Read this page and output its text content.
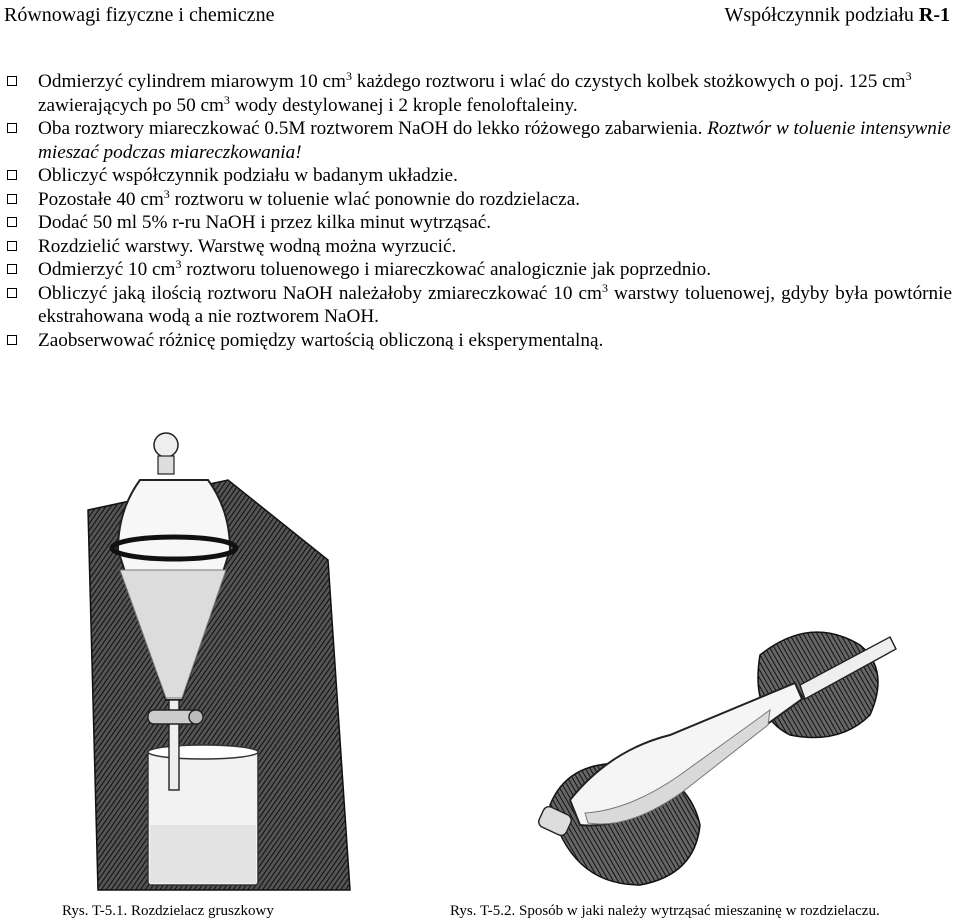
Równowagi fizyczne i chemiczne	Współczynnik podziału R-1
Odmierzyć cylindrem miarowym 10 $cm^3$ każdego roztworu i wlać do czystych kolbek stożkowych o poj. 125 $cm^3$ zawierających po 50 $cm^3$ wody destylowanej i 2 krople fenoloftaleiny.
Oba roztwory miareczkować 0.5M roztworem NaOH do lekko różowego zabarwienia. Roztwór w toluenie intensywnie mieszać podczas miareczkowania!
Obliczyć współczynnik podziału w badanym układzie.
Pozostałe 40 $cm^3$ roztworu w toluenie wlać ponownie do rozdzielacza.
Dodać 50 ml 5% r-ru NaOH i przez kilka minut wytrząsać.
Rozdzielić warstwy. Warstwę wodną można wyrzucić.
Odmierzyć 10 $cm^3$ roztworu toluenowego i miareczkować analogicznie jak poprzednio.
Obliczyć jaką ilością roztworu NaOH należałoby zmiareczkować 10 $cm^3$ warstwy toluenowej, gdyby była powtórnie ekstrahowana wodą a nie roztworem NaOH.
Zaobserwować różnicę pomiędzy wartością obliczoną i eksperymentalną.
Rys. T-5.1. Rozdzielacz gruszkowy	Rys. T-5.2. Sposób w jaki należy wytrząsać mieszaninę w rozdzielaczu.
